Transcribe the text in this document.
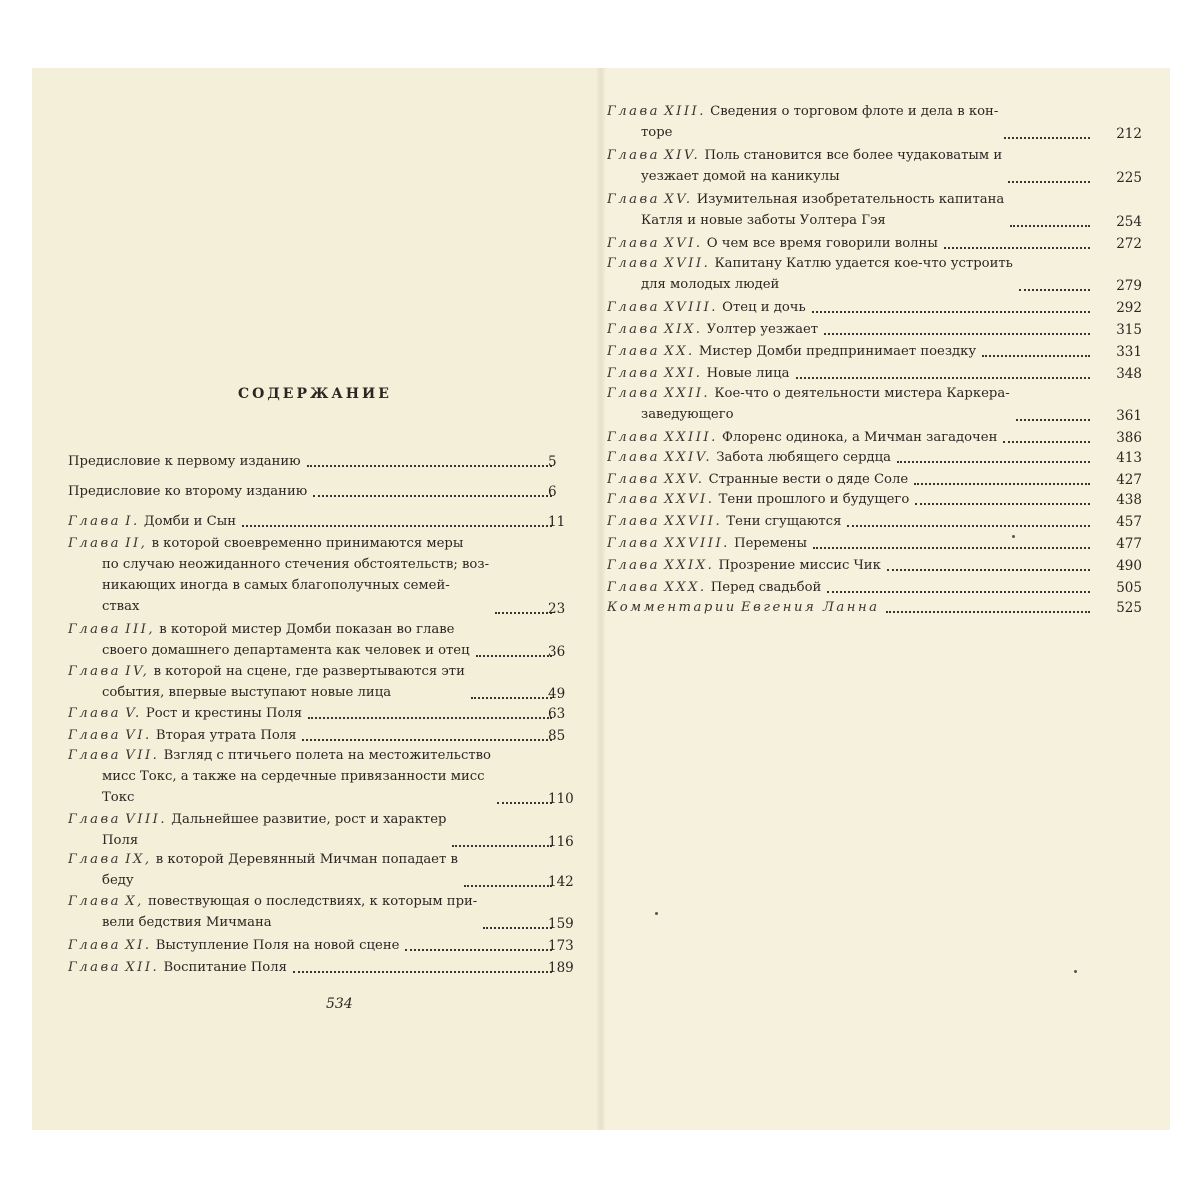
СОДЕРЖАНИЕ
Предисловие к первому изданию	5
Предисловие ко второму изданию	6
Глава I. Домби и Сын	11
Глава II, в которой своевременно принимаются меры
по случаю неожиданного стечения обстоятельств; воз-
никающих иногда в самых благополучных семей-
ствах	23
Глава III, в которой мистер Домби показан во главе
своего домашнего департамента как человек и отец	36
Глава IV, в которой на сцене, где развертываются эти
события, впервые выступают новые лица	49
Глава V. Рост и крестины Поля	63
Глава VI. Вторая утрата Поля	85
Глава VII. Взгляд с птичьего полета на местожительство
мисс Токс, а также на сердечные привязанности мисс
Токс	110
Глава VIII. Дальнейшее развитие, рост и характер
Поля	116
Глава IX, в которой Деревянный Мичман попадает в
беду	142
Глава X, повествующая о последствиях, к которым при-
вели бедствия Мичмана	159
Глава XI. Выступление Поля на новой сцене	173
Глава XII. Воспитание Поля	189
Глава XIII. Сведения о торговом флоте и дела в кон-
торе	212
Глава XIV. Поль становится все более чудаковатым и
уезжает домой на каникулы	225
Глава XV. Изумительная изобретательность капитана
Катля и новые заботы Уолтера Гэя	254
Глава XVI. О чем все время говорили волны	272
Глава XVII. Капитану Катлю удается кое-что устроить
для молодых людей	279
Глава XVIII. Отец и дочь	292
Глава XIX. Уолтер уезжает	315
Глава XX. Мистер Домби предпринимает поездку	331
Глава XXI. Новые лица	348
Глава XXII. Кое-что о деятельности мистера Каркера-
заведующего	361
Глава XXIII. Флоренс одинока, а Мичман загадочен	386
Глава XXIV. Забота любящего сердца	413
Глава XXV. Странные вести о дяде Соле	427
Глава XXVI. Тени прошлого и будущего	438
Глава XXVII. Тени сгущаются	457
Глава XXVIII. Перемены	477
Глава XXIX. Прозрение миссис Чик	490
Глава XXX. Перед свадьбой	505
Комментарии Евгения Ланна	525
534
